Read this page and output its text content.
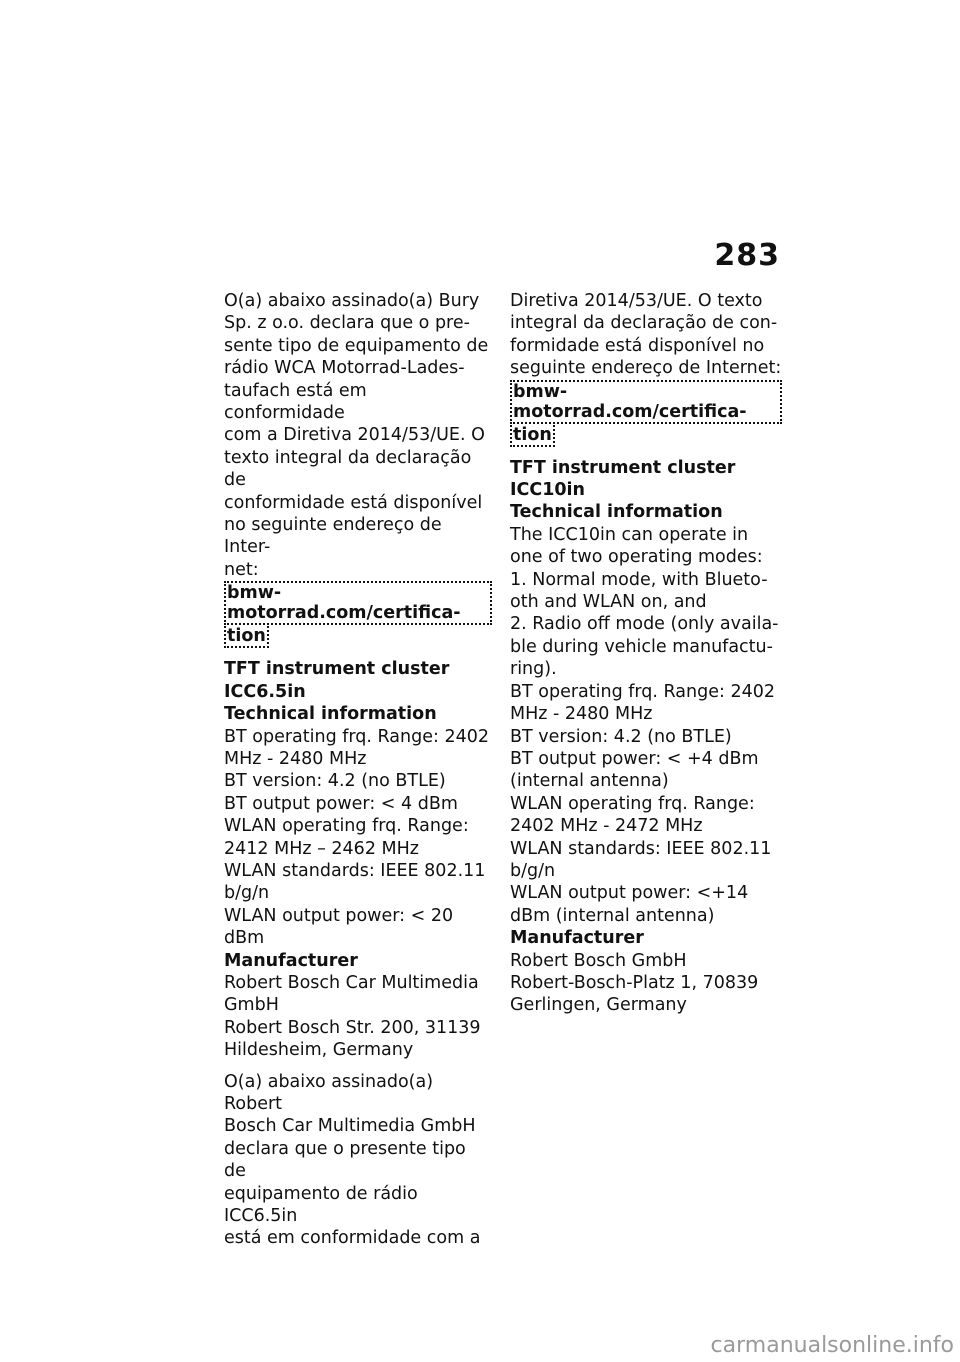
283

O(a) abaixo assinado(a) Bury
Sp. z o.o. declara que o pre-
sente tipo de equipamento de
rádio WCA Motorrad-Lades-
taufach está em conformidade
com a Diretiva 2014/53/UE. O
texto integral da declaração de
conformidade está disponível
no seguinte endereço de Inter-
net:

bmw-motorrad.com/certifica-
tion

TFT instrument cluster

ICC6.5in

Technical information

BT operating frq. Range: 2402
MHz - 2480 MHz
BT version: 4.2 (no BTLE)
BT output power: < 4 dBm
WLAN operating frq. Range:
2412 MHz – 2462 MHz
WLAN standards: IEEE 802.11
b/g/n
WLAN output power: < 20
dBm

Manufacturer

Robert Bosch Car Multimedia
GmbH
Robert Bosch Str. 200, 31139
Hildesheim, Germany

O(a) abaixo assinado(a) Robert
Bosch Car Multimedia GmbH
declara que o presente tipo de
equipamento de rádio ICC6.5in
está em conformidade com a

Diretiva 2014/53/UE. O texto
integral da declaração de con-
formidade está disponível no
seguinte endereço de Internet:

bmw-motorrad.com/certifica-
tion

TFT instrument cluster

ICC10in

Technical information

The ICC10in can operate in
one of two operating modes:
1. Normal mode, with Blueto-
oth and WLAN on, and
2. Radio off mode (only availa-
ble during vehicle manufactu-
ring).
BT operating frq. Range: 2402
MHz - 2480 MHz
BT version: 4.2 (no BTLE)
BT output power: < +4 dBm
(internal antenna)
WLAN operating frq. Range:
2402 MHz - 2472 MHz
WLAN standards: IEEE 802.11
b/g/n
WLAN output power: <+14
dBm (internal antenna)

Manufacturer

Robert Bosch GmbH
Robert-Bosch-Platz 1, 70839
Gerlingen, Germany

carmanualsonline.info
